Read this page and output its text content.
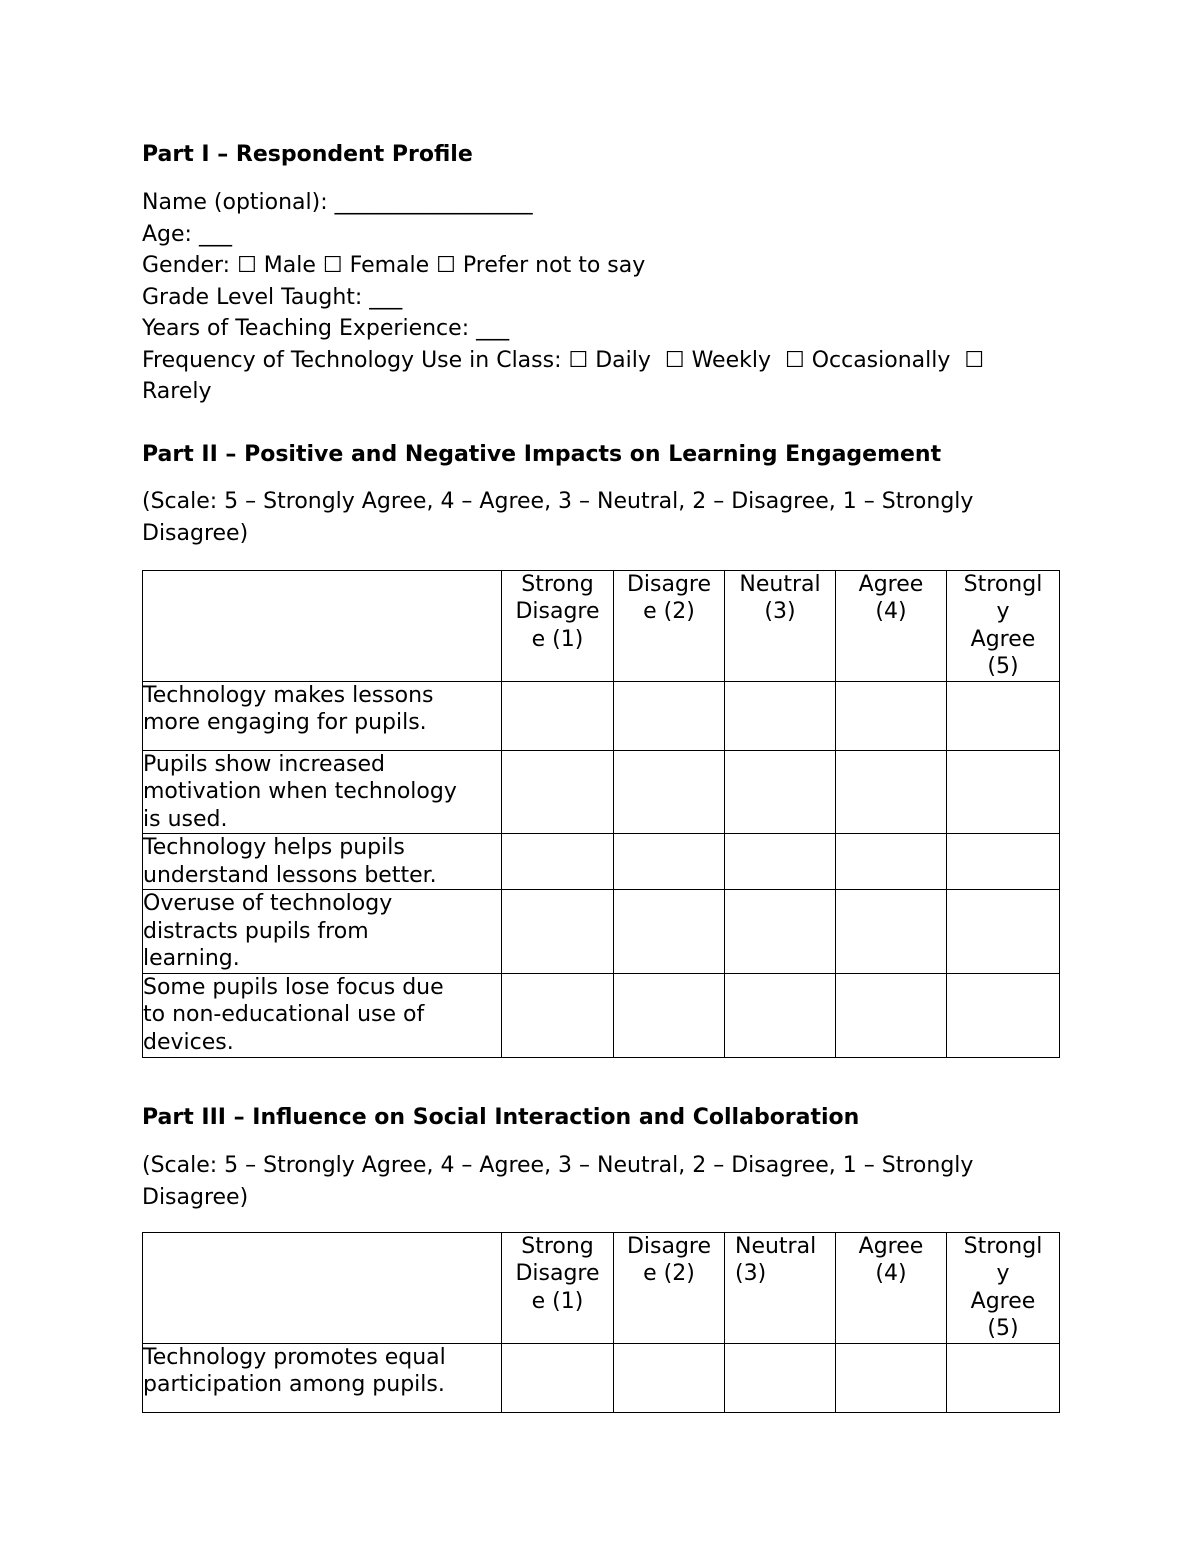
Part I – Respondent Profile

Name (optional): __________________
Age: ___
Gender: ☐ Male ☐ Female ☐ Prefer not to say
Grade Level Taught: ___
Years of Teaching Experience: ___
Frequency of Technology Use in Class: ☐ Daily  ☐ Weekly  ☐ Occasionally  ☐
Rarely

Part II – Positive and Negative Impacts on Learning Engagement

(Scale: 5 – Strongly Agree, 4 – Agree, 3 – Neutral, 2 – Disagree, 1 – Strongly
Disagree)

	Strong
Disagre
e (1)	Disagre
e (2)	Neutral
(3)	Agree
(4)	Strongl
y
Agree
(5)

Technology makes lessons
more engaging for pupils.					

Pupils show increased
motivation when technology
is used.					

Technology helps pupils
understand lessons better.					

Overuse of technology
distracts pupils from
learning.					

Some pupils lose focus due
to non-educational use of
devices.					

Part III – Influence on Social Interaction and Collaboration

(Scale: 5 – Strongly Agree, 4 – Agree, 3 – Neutral, 2 – Disagree, 1 – Strongly
Disagree)

	Strong
Disagre
e (1)	Disagre
e (2)	Neutral
(3)	Agree
(4)	Strongl
y
Agree
(5)

Technology promotes equal
participation among pupils.					
